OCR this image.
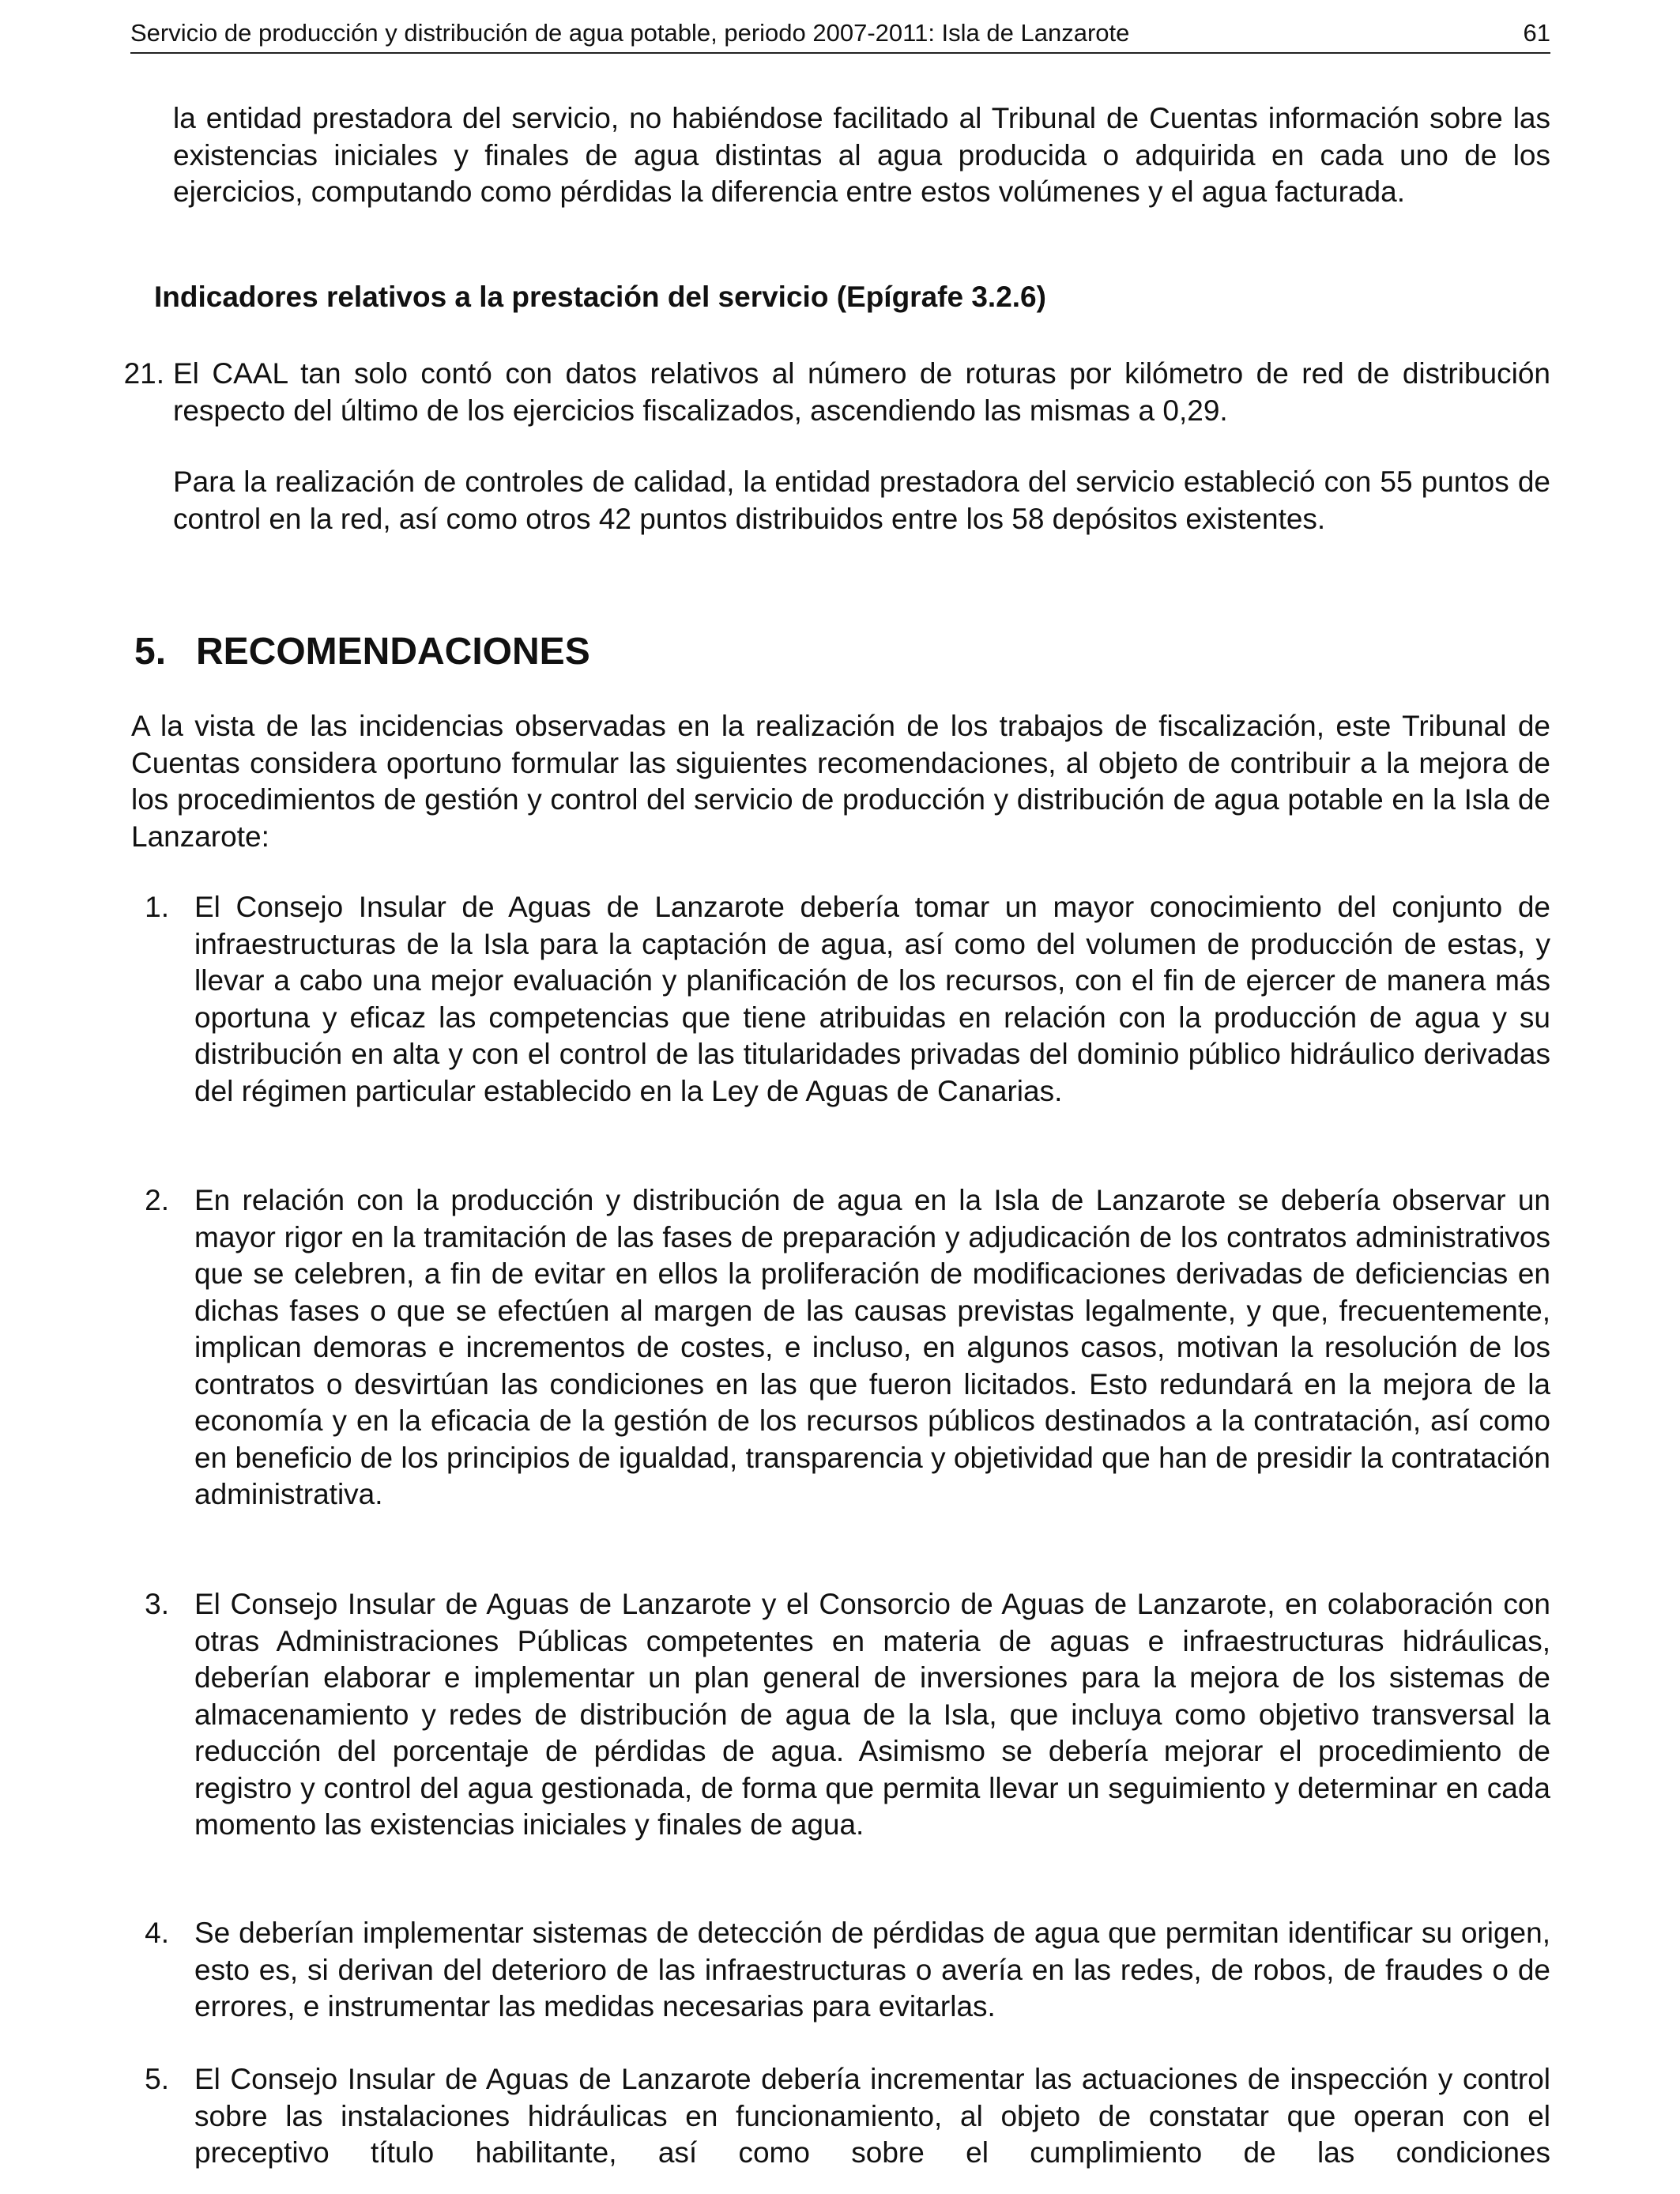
Servicio de producción y distribución de agua potable, periodo 2007-2011: Isla de Lanzarote	61

la entidad prestadora del servicio, no habiéndose facilitado al Tribunal de Cuentas información sobre las existencias iniciales y finales de agua distintas al agua producida o adquirida en cada uno de los ejercicios, computando como pérdidas la diferencia entre estos volúmenes y el agua facturada.

Indicadores relativos a la prestación del servicio (Epígrafe 3.2.6)
21. El CAAL tan solo contó con datos relativos al número de roturas por kilómetro de red de distribución respecto del último de los ejercicios fiscalizados, ascendiendo las mismas a 0,29.

Para la realización de controles de calidad, la entidad prestadora del servicio estableció con 55 puntos de control en la red, así como otros 42 puntos distribuidos entre los 58 depósitos existentes.

5. RECOMENDACIONES

A la vista de las incidencias observadas en la realización de los trabajos de fiscalización, este Tribunal de Cuentas considera oportuno formular las siguientes recomendaciones, al objeto de contribuir a la mejora de los procedimientos de gestión y control del servicio de producción y distribución de agua potable en la Isla de Lanzarote:

1. El Consejo Insular de Aguas de Lanzarote debería tomar un mayor conocimiento del conjunto de infraestructuras de la Isla para la captación de agua, así como del volumen de producción de estas, y llevar a cabo una mejor evaluación y planificación de los recursos, con el fin de ejercer de manera más oportuna y eficaz las competencias que tiene atribuidas en relación con la producción de agua y su distribución en alta y con el control de las titularidades privadas del dominio público hidráulico derivadas del régimen particular establecido en la Ley de Aguas de Canarias.

2. En relación con la producción y distribución de agua en la Isla de Lanzarote se debería observar un mayor rigor en la tramitación de las fases de preparación y adjudicación de los contratos administrativos que se celebren, a fin de evitar en ellos la proliferación de modificaciones derivadas de deficiencias en dichas fases o que se efectúen al margen de las causas previstas legalmente, y que, frecuentemente, implican demoras e incrementos de costes, e incluso, en algunos casos, motivan la resolución de los contratos o desvirtúan las condiciones en las que fueron licitados. Esto redundará en la mejora de la economía y en la eficacia de la gestión de los recursos públicos destinados a la contratación, así como en beneficio de los principios de igualdad, transparencia y objetividad que han de presidir la contratación administrativa.

3. El Consejo Insular de Aguas de Lanzarote y el Consorcio de Aguas de Lanzarote, en colaboración con otras Administraciones Públicas competentes en materia de aguas e infraestructuras hidráulicas, deberían elaborar e implementar un plan general de inversiones para la mejora de los sistemas de almacenamiento y redes de distribución de agua de la Isla, que incluya como objetivo transversal la reducción del porcentaje de pérdidas de agua. Asimismo se debería mejorar el procedimiento de registro y control del agua gestionada, de forma que permita llevar un seguimiento y determinar en cada momento las existencias iniciales y finales de agua.

4. Se deberían implementar sistemas de detección de pérdidas de agua que permitan identificar su origen, esto es, si derivan del deterioro de las infraestructuras o avería en las redes, de robos, de fraudes o de errores, e instrumentar las medidas necesarias para evitarlas.

5. El Consejo Insular de Aguas de Lanzarote debería incrementar las actuaciones de inspección y control sobre las instalaciones hidráulicas en funcionamiento, al objeto de constatar que operan con el preceptivo título habilitante, así como sobre el cumplimiento de las condiciones
